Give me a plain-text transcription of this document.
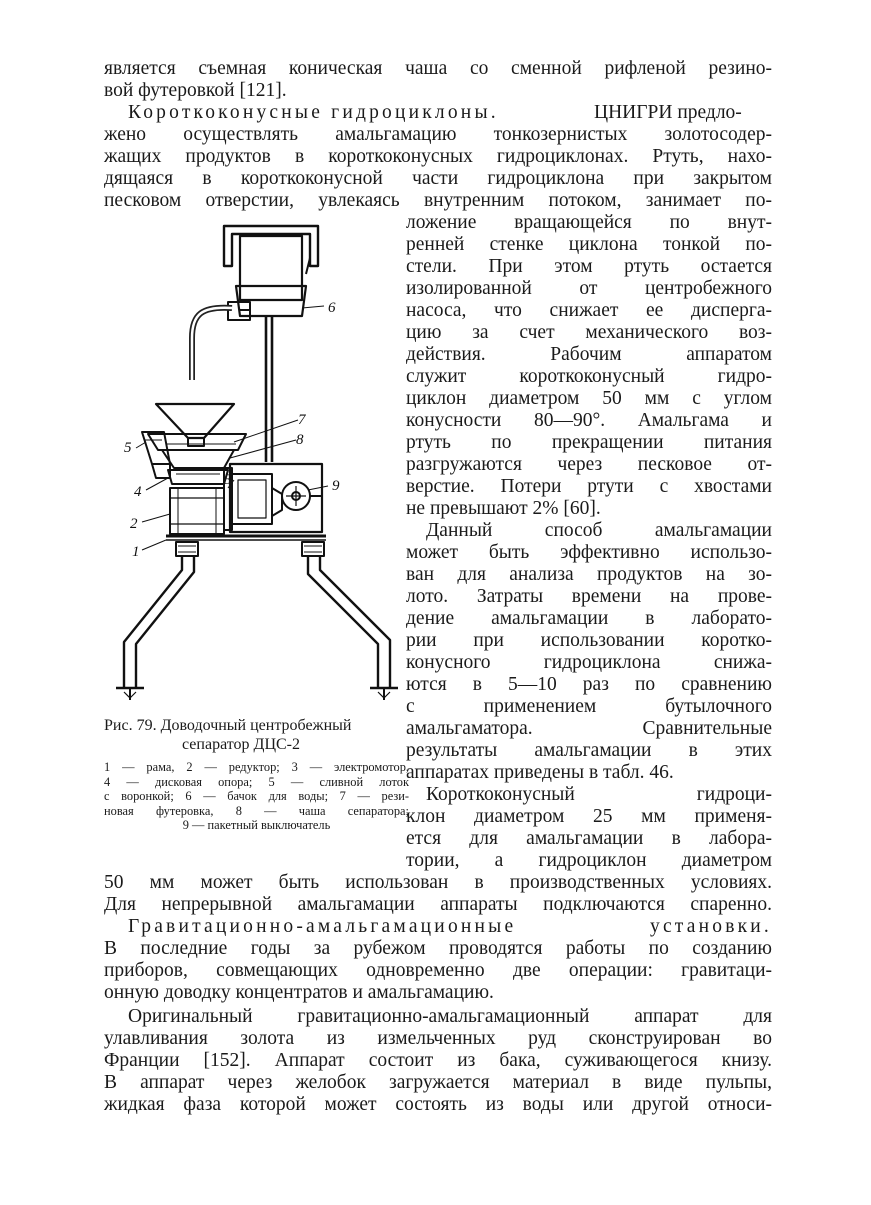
является съемная коническая чаша со сменной рифленой резино-
вой футеровкой [121].
Короткоконусные гидроциклоны.	ЦНИГРИ предло-
жено осуществлять амальгамацию тонкозернистых золотосодер-
жащих продуктов в короткоконусных гидроциклонах. Ртуть, нахо-
дящаяся в короткоконусной части гидроциклона при закрытом
песковом отверстии, увлекаясь внутренним потоком, занимает по-
ложение вращающейся по внут-
ренней стенке циклона тонкой по-
стели. При этом ртуть остается
изолированной от центробежного
насоса, что снижает ее дисперга-
цию за счет механического воз-
действия. Рабочим аппаратом
служит короткоконусный гидро-
циклон диаметром 50 мм с углом
конусности 80—90°. Амальгама и
ртуть по прекращении питания
разгружаются через песковое от-
верстие. Потери ртути с хвостами
не превышают 2% [60].
Данный способ амальгамации
может быть эффективно использо-
ван для анализа продуктов на зо-
лото. Затраты времени на прове-
дение амальгамации в лаборато-
рии при использовании коротко-
конусного гидроциклона снижа-
ются в 5—10 раз по сравнению
с применением бутылочного
амальгаматора. Сравнительные
результаты амальгамации в этих
аппаратах приведены в табл. 46.
Короткоконусный гидроци-
клон диаметром 25 мм применя-
ется для амальгамации в лабора-
тории, а гидроциклон диаметром
50 мм может быть использован в производственных условиях.
Для непрерывной амальгамации аппараты подключаются спаренно.
Гравитационно-амальгамационные установки.
В последние годы за рубежом проводятся работы по созданию
приборов, совмещающих одновременно две операции: гравитаци-
онную доводку концентратов и амальгамацию.
Оригинальный гравитационно-амальгамационный аппарат для
улавливания золота из измельченных руд сконструирован во
Франции [152]. Аппарат состоит из бака, суживающегося книзу.
В аппарат через желобок загружается материал в виде пульпы,
жидкая фаза которой может состоять из воды или другой относи-
6
7
8
5
4
3	9
2
1
Рис. 79. Доводочный центробежный
сепаратор ДЦС-2
1 — рама, 2 — редуктор; 3 — электромотор,
4 — дисковая опора; 5 — сливной лоток
с воронкой; 6 — бачок для воды; 7 — рези-
новая футеровка, 8 — чаша сепаратора;
9 — пакетный выключатель
